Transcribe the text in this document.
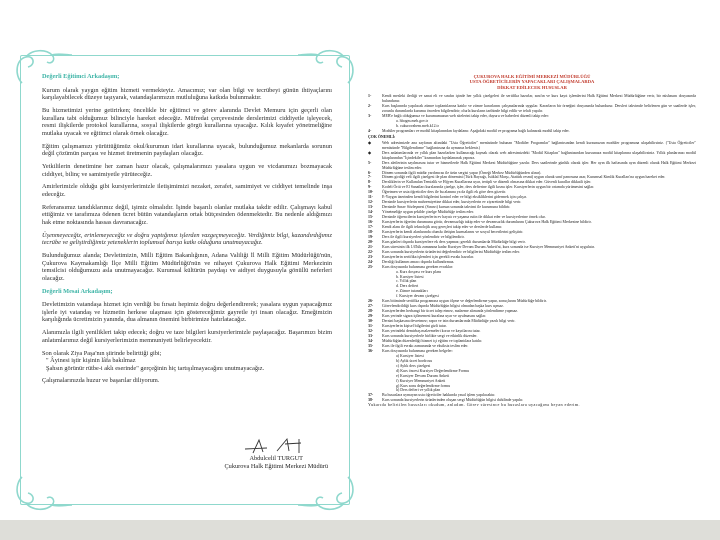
Değerli Eğitimci Arkadaşım;

Kurum olarak yaygın eğitim hizmeti vermekteyiz. Amacımız; var olan bilgi ve tecrübeyi günün ihtiyaçlarını karşılayabilecek düzeye taşıyarak, vatandaşlarımızın mutluluğuna katkıda bulunmaktır.

Bu hizmetimizi yerine getirirken; öncelikle bir eğitimci ve görev alanında Devlet Memuru için geçerli olan kurallara tabi olduğumuz bilinciyle hareket edeceğiz. Müfredat çerçevesinde derslerimizi ciddiyetle işleyecek, resmi ilişkilerde protokol kurallarına, sosyal ilişkilerde görgü kurallarına uyacağız. Kılık kıyafet yönetmeliğine mutlaka uyacak ve eğitimci olarak örnek olacağız.

Eğitim çalışmamızı yürüttüğümüz okul/kurumun idari kurallarına uyacak, bulunduğumuz mekanlarda sorunun değil çözümün parçası ve hizmet üretmenin paydaşları olacağız.

Yetkililerin denetimine her zaman hazır olacak, çalışmalarımızı yasalara uygun ve vicdanımızı bozmayacak ciddiyet, bilinç ve samimiyetle yürüteceğiz.

Amirlerimizle olduğu gibi kursiyerlerimizle iletişimimizi nezaket, zerafet, samimiyet ve ciddiyet temelinde inşa edeceğiz.

Referansımız tanıdıklarımız değil, işimiz olmalıdır. İşinde başarılı olanlar mutlaka takdir edilir. Çalışmayı kabul ettiğimiz ve tarafımıza ödenen ücret bütün vatandaşların ortak bütçesinden ödenmektedir. Bu nedenle aldığımızı hak etme noktasında hassas davranacağız.

Üşenmeyeceğiz, erinlemeyeceğiz ve doğru yaptığımız işlerden vazgeçmeyeceğiz. Verdiğimiz bilgi, kazandırdığımız tecrübe ve geliştirdiğimiz yeteneklerin toplumsal barışa katkı olduğunu unutmayacağız.

Bulunduğumuz alanda; Devletimizin, Milli Eğitim Bakanlığının, Adana Valiliği İl Milli Eğitim Müdürlüğü'nün, Çukurova Kaymakamlığı İlçe Milli Eğitim Müdürlüğü'nün ve nihayet Çukurova Halk Eğitimi Merkezinin temsilcisi olduğumuzu asla unutmayacağız. Kurumsal kültürün paydaşı ve aidiyet duygusuyla gönüllü neferleri olacağız.

Değerli Mesai Arkadaşım;

Devletimizin vatandaşa hizmet için verdiği bu fırsatı hepimiz doğru değerlendirerek; yasalara uygun yapacağımız işlerle iyi vatandaş ve hizmetin herkese ulaşması için göstereceğimiz gayretle iyi insan olacağız. Emeğimizin karşılığında ücretimizin yanında, dua almanın önemini birbirimize hatırlatacağız.

Alanımızla ilgili yenilikleri takip edecek; doğru ve taze bilgileri kursiyerlerimizle paylaşacağız. Başarımızı bizim anlatımlarımız değil kursiyerlerimizin memnuniyeti belirleyecektir.

Son olarak Ziya Paşa'nın şiirinde belirttiği gibi;

" Âyinesi iştir kişinin lâfa bakılmaz

Şahsın görünür rütbe-i aklı eserinde" gerçeğinin hiç tartışılmayacağını unutmayacağız.

Çalışmalarınızda huzur ve başarılar diliyorum.

Abdulcelil TURGUT
Çukurova Halk Eğitimi Merkezi Müdürü
ÇUKUROVA HALK EĞİTİMİ MERKEZİ MÜDÜRLÜĞÜ
USTA ÖĞRETİCİLERİN YAPACAKLARI ÇALIŞMALARDA
DİKKAT EDİLECEK HUSUSLAR
1-	Kendi mesleki ilerliği ve sanat eli ve sınıfın içinde her yıllık çizelgeleri ile sertifika hazırlar, sınıfın ve kurs kayıt işlemlerini Halk Eğitimi Merkezi Müdürlüğüne verir, bir nüshasını dosyasında bulundurur.
2-	Kurs başlarında yapılacak zümre toplantılarına katılır ve zümre kararlarını çalışmalarında uygular. Kararların bir örneğini dosyasında bulundurur. Dersleri takvimde belirlenen gün ve saatlerde işler, zorunlu durumlarda kurumu önceden bilgilendirir; olurla kursların tarihinde bilgi edilir ve telafi yapılır.
3-	MEB'e bağlı olduğumuz ve kurumumuzun web sitelerini takip eder, duyuru ve haberleri düzenli takip eder:
a. hbogm.meb.gov.tr
b. cukurovahem.meb.k12.tr
4-	Modüler programları ve modül kitaplarından faydalanır. Aşağıdaki modül ve programa bağlı kalınarak modül takip eder.
ÇOK ÖNEMLİ:
◆	Web adresimizde ana sayfanın altındaki "Usta Öğreticiler" menüsünde bulunan "Modüler Programlar" bağlantısından kendi kursunuzun modüler programına ulaşabilirsiniz. ("Usta Öğreticiler" menüsünde "Bilgilendirme" bağlantısına da uymanız beklenir.)
◆	Ders anlatımlarında ve yıllık plan hazırlarken kullanacağı kaynak olarak web adresimizdeki "Modül Kitapları" bağlantısından kursunuza modül kitaplarına ulaşabilirsiniz. Yıllık planlarınızı modül kitaplarından "İçindekiler" kısmından faydalanarak yapınız.
5-	Ders aletlerinin sayılmasını tutar ve hizmetlerde Halk Eğitimi Merkezi Müdürlüğüne yazılır. Ders saatlerinde günlük olarak işler. Her ayın ilk haftasında ayın düzenli olarak Halk Eğitimi Merkezi Müdürlüğüne teslim eder.
6-	Dönem sonunda ilgili müdür yardımcısı ile ürün sergisi yapar (Örneği Merkez Müdürlüğünden alınır).
7-	Dönem girdiği veli ilgili çizelgesi ile plan dönemini (Türk Bayrağı, İstiklal Marşı, Atatürk resmi) uygun olarak sınıf panosuna asar, Kurumsal Kimlik Kuralları'na uygun hareket eder.
8-	Dersliklerin ve Kullanılan Temizlik ve Hijyen Kurallarına uyar, tertipli ve düzenli olmasına dikkat eder. Güvenli kurallar dikkatli işler.
9-	Kodeli Örtü ve El Sanatları kurslarında çizelge, işler, ders defterine ilgili kısmı işler. Kursiyerlerin uygun bir ortamda yürümesini sağlar.
10-	Öğretmen ve usta öğreticiler ders ile bu alanına ya da ilgili ek göre ders gözetir.
11-	E-Yaygın üzerinden kendi bilgilerini kontrol eder ve bilgi eksikliklerini gidermek için çalışır.
12-	Dersinde kursiyerlerin mahremiyetine dikkat eder, kursiyerlerin ev ziyaretinde bilgi verir.
13-	Dersinde Sınav Sözleşmesi (Sınavı) kursun sonunda takvimi ile kurumuna bildirir.
14-	Yönetmeliğe uygun şekilde çizelge Müdürlüğe teslim eder.
15-	Dersinde öğrencilerin kursiyerlerin ev hayatı ve yaşama rutin ile dikkat eder ve kursiyerlerine örnek olur.
16-	Kursiyerlerin öğretim durumunu görür, devamsızlığı takip eder ve devamsızlık durumlarını Çukurova Halk Eğitimi Merkezine bildirir.
17-	Kendi alanı ile ilgili teknolojik araç gereçleri takip eder ve derslerde kullanır.
18-	Kursiyerlerin kendi alanlarında olumlu iletişim kurmalarını ve sosyal becerilerini geliştirir.
19-	Ders ile ilgili kursiyerleri yönlendirir ve bilgilendirir.
20-	Kurs günleri dışında kursiyerlere ek ders yapmaz; gerekli durumlarda Müdürlüğe bilgi verir.
21-	Kurs süresinin ilk 1/4'lük zamanına kadar Kursiyer Devam Durum Anketi'ni, kurs sonunda ise Kursiyer Memnuniyet Anketi'ni uygulatır.
22-	Kurs sonunda kursiyerlerin ürünlerini değerlendirir ve bilgilerini Müdürlüğe teslim eder.
23-	Kursiyerlerin sertifika işlemleri için gerekli evrakı hazırlar.
24-	Dersliği kullanım amacı dışında kullandırmaz.
25-	Kurs dosyasında bulunması gereken evraklar:
a. Kurs dosyası ve kurs planı
b. Kursiyer listesi
c. Yıllık plan
d. Ders defteri
e. Zümre tutanakları
f. Kursiyer devam çizelgesi
26-	Kurs bitiminde sertifika programına uygun ölçme ve değerlendirme yapar, sonuçlarını Müdürlüğe bildirir.
27-	Görevlendirildiği kurs dışında Müdürlüğün bilgisi olmadan başka kurs açmaz.
28-	Kursiyerlerden herhangi bir ücret talep etmez, malzeme alımında yönlendirme yapmaz.
29-	Kurs yerinde sigara içilmemesi kuralına uyar ve uyulmasını sağlar.
30-	Dersini başkasına devretmez; rapor ve izin durumlarında Müdürlüğe yazılı bilgi verir.
31-	Kursiyerlerin kişisel bilgilerini gizli tutar.
32-	Kurs yerindeki demirbaş malzemeleri korur ve kayıtlarını tutar.
33-	Kurs sonunda kursiyerlerle birlikte sergi ve etkinlik düzenler.
34-	Müdürlüğün düzenlediği hizmet içi eğitim ve toplantılara katılır.
35-	Kurs ile ilgili evrakı zamanında ve eksiksiz teslim eder.
36-	Kurs dosyasında bulunması gereken belgeler:
a) Kursiyer listesi
b) Aylık ücret bordrosu
c) Aylık ders çizelgesi
d) Kurs öncesi Kursiyer Değerlendirme Formu
e) Kursiyer Devam Durum Anketi
f) Kursiyer Memnuniyet Anketi
g) Kurs sonu değerlendirme formu
h) Ders defteri ve yıllık plan
37-	Bu hususlara uymayan usta öğreticiler hakkında yasal işlem yapılacaktır.
38-	Kurs sonunda kursiyerlerin ürünlerinden oluşan sergi Müdürlüğün bilgisi dahilinde yapılır.
Yukarıda belirtilen hususları okudum, anladım. Görev süresince bu hususlara uyacağımı beyan ederim.
